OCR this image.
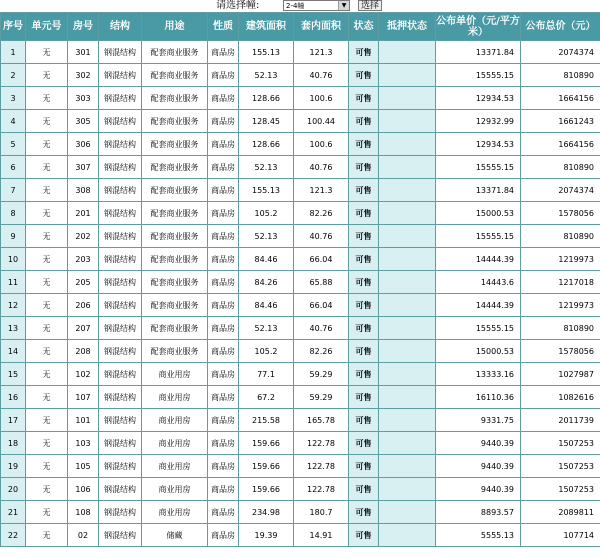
请选择幢:	2-4幢	▼	选择
序号	单元号	房号	结构	用途	性质	建筑面积	套内面积	状态	抵押状态	公布单价（元/平方米）	公布总价（元）
1	无	301	钢混结构	配套商业服务	商品房	155.13	121.3	可售		13371.84	2074374
2	无	302	钢混结构	配套商业服务	商品房	52.13	40.76	可售		15555.15	810890
3	无	303	钢混结构	配套商业服务	商品房	128.66	100.6	可售		12934.53	1664156
4	无	305	钢混结构	配套商业服务	商品房	128.45	100.44	可售		12932.99	1661243
5	无	306	钢混结构	配套商业服务	商品房	128.66	100.6	可售		12934.53	1664156
6	无	307	钢混结构	配套商业服务	商品房	52.13	40.76	可售		15555.15	810890
7	无	308	钢混结构	配套商业服务	商品房	155.13	121.3	可售		13371.84	2074374
8	无	201	钢混结构	配套商业服务	商品房	105.2	82.26	可售		15000.53	1578056
9	无	202	钢混结构	配套商业服务	商品房	52.13	40.76	可售		15555.15	810890
10	无	203	钢混结构	配套商业服务	商品房	84.46	66.04	可售		14444.39	1219973
11	无	205	钢混结构	配套商业服务	商品房	84.26	65.88	可售		14443.6	1217018
12	无	206	钢混结构	配套商业服务	商品房	84.46	66.04	可售		14444.39	1219973
13	无	207	钢混结构	配套商业服务	商品房	52.13	40.76	可售		15555.15	810890
14	无	208	钢混结构	配套商业服务	商品房	105.2	82.26	可售		15000.53	1578056
15	无	102	钢混结构	商业用房	商品房	77.1	59.29	可售		13333.16	1027987
16	无	107	钢混结构	商业用房	商品房	67.2	59.29	可售		16110.36	1082616
17	无	101	钢混结构	商业用房	商品房	215.58	165.78	可售		9331.75	2011739
18	无	103	钢混结构	商业用房	商品房	159.66	122.78	可售		9440.39	1507253
19	无	105	钢混结构	商业用房	商品房	159.66	122.78	可售		9440.39	1507253
20	无	106	钢混结构	商业用房	商品房	159.66	122.78	可售		9440.39	1507253
21	无	108	钢混结构	商业用房	商品房	234.98	180.7	可售		8893.57	2089811
22	无	02	钢混结构	储藏	商品房	19.39	14.91	可售		5555.13	107714
